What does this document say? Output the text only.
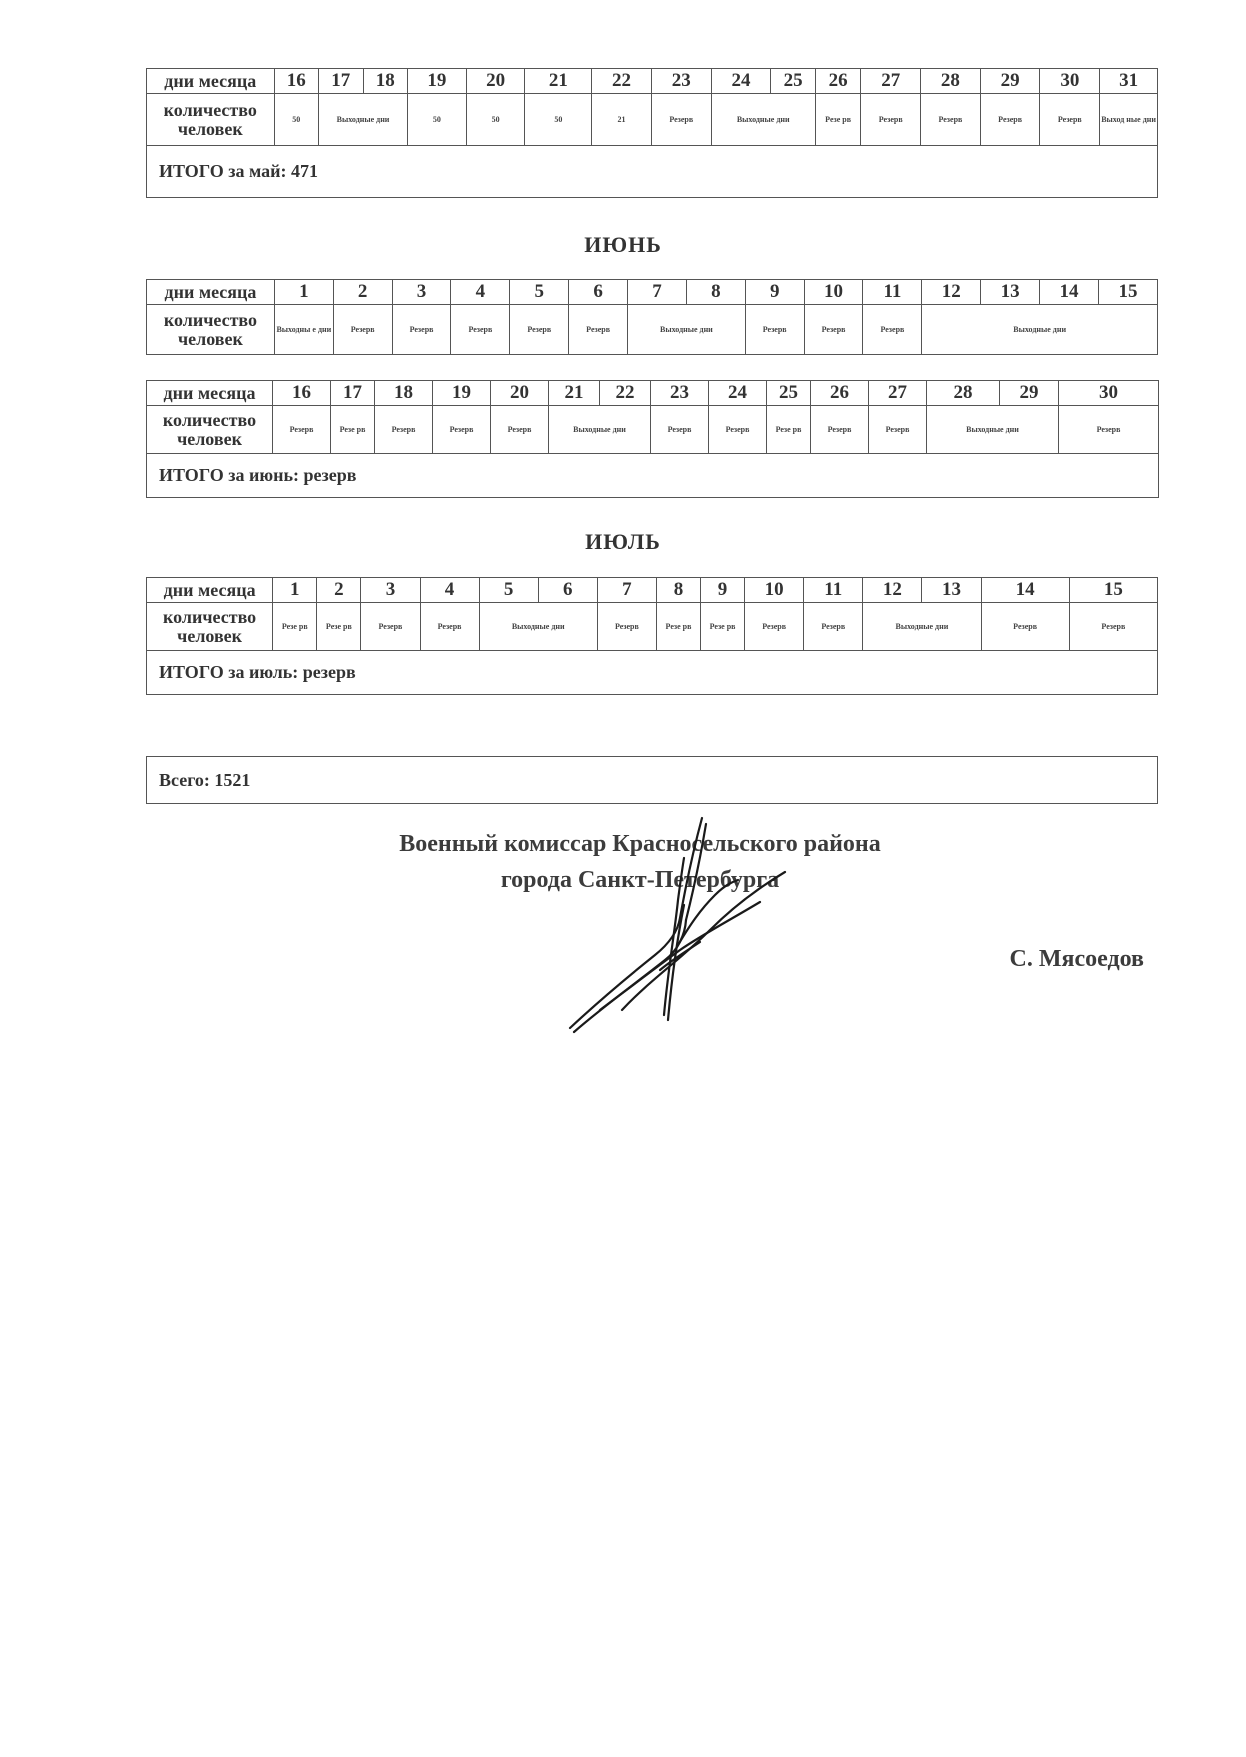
дни месяца	16	17	18	19	20	21	22	23	24	25	26	27	28	29	30	31
количество
человек	50	Выходные дни		50	50	50	21	Резерв	Выходные дни		Резе рв	Резерв	Резерв	Резерв	Резерв	Выход ные дни

ИТОГО за май: 471																
ИЮНЬ
дни месяца	1	2	3	4	5	6	7	8	9	10	11	12	13	14	15
количество
человек	Выходны е дни	Резерв	Резерв	Резерв	Резерв	Резерв	Выходные дни		Резерв	Резерв	Резерв	Выходные дни			
дни месяца	16	17	18	19	20	21	22	23	24	25	26	27	28	29	30
количество
человек	Резерв	Резе рв	Резерв	Резерв	Резерв	Выходные дни		Резерв	Резерв	Резе рв	Резерв	Резерв	Выходные дни		Резерв

ИТОГО за июнь: резерв															
ИЮЛЬ
дни месяца	1	2	3	4	5	6	7	8	9	10	11	12	13	14	15
количество
человек	Резе рв	Резе рв	Резерв	Резерв	Выходные дни		Резерв	Резе рв	Резе рв	Резерв	Резерв	Выходные дни		Резерв	Резерв

ИТОГО за июль: резерв															
Всего: 1521
Военный комиссар Красносельского района
города Санкт-Петербурга
С. Мясоедов
